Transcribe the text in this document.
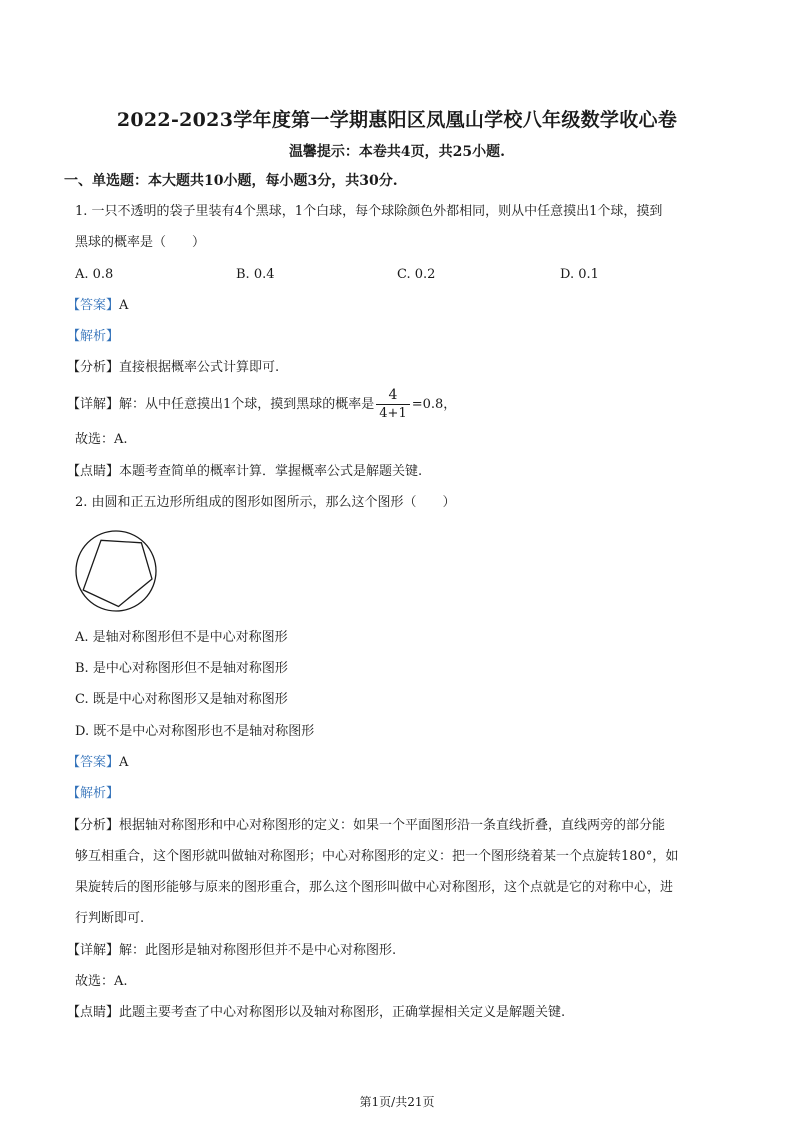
2022-2023学年度第一学期惠阳区凤凰山学校八年级数学收心卷
温馨提示：本卷共4页，共25小题.
一、单选题：本大题共10小题，每小题3分，共30分.
1. 一只不透明的袋子里装有4个黑球，1个白球，每个球除颜色外都相同，则从中任意摸出1个球，摸到
黑球的概率是（　　）
A. 0.8	B. 0.4	C. 0.2	D. 0.1
【答案】A
【解析】
【分析】直接根据概率公式计算即可.
【详解】解：从中任意摸出1个球，摸到黑球的概率是 $\frac{4}{4+1} =0.8$，
故选：A.
【点睛】本题考查简单的概率计算．掌握概率公式是解题关键.
2. 由圆和正五边形所组成的图形如图所示，那么这个图形（　　）
A. 是轴对称图形但不是中心对称图形
B. 是中心对称图形但不是轴对称图形
C. 既是中心对称图形又是轴对称图形
D. 既不是中心对称图形也不是轴对称图形
【答案】A
【解析】
【分析】根据轴对称图形和中心对称图形的定义：如果一个平面图形沿一条直线折叠，直线两旁的部分能
够互相重合，这个图形就叫做轴对称图形；中心对称图形的定义：把一个图形绕着某一个点旋转180°，如
果旋转后的图形能够与原来的图形重合，那么这个图形叫做中心对称图形，这个点就是它的对称中心，进
行判断即可.
【详解】解：此图形是轴对称图形但并不是中心对称图形.
故选：A.
【点睛】此题主要考查了中心对称图形以及轴对称图形，正确掌握相关定义是解题关键.
第1页/共21页
